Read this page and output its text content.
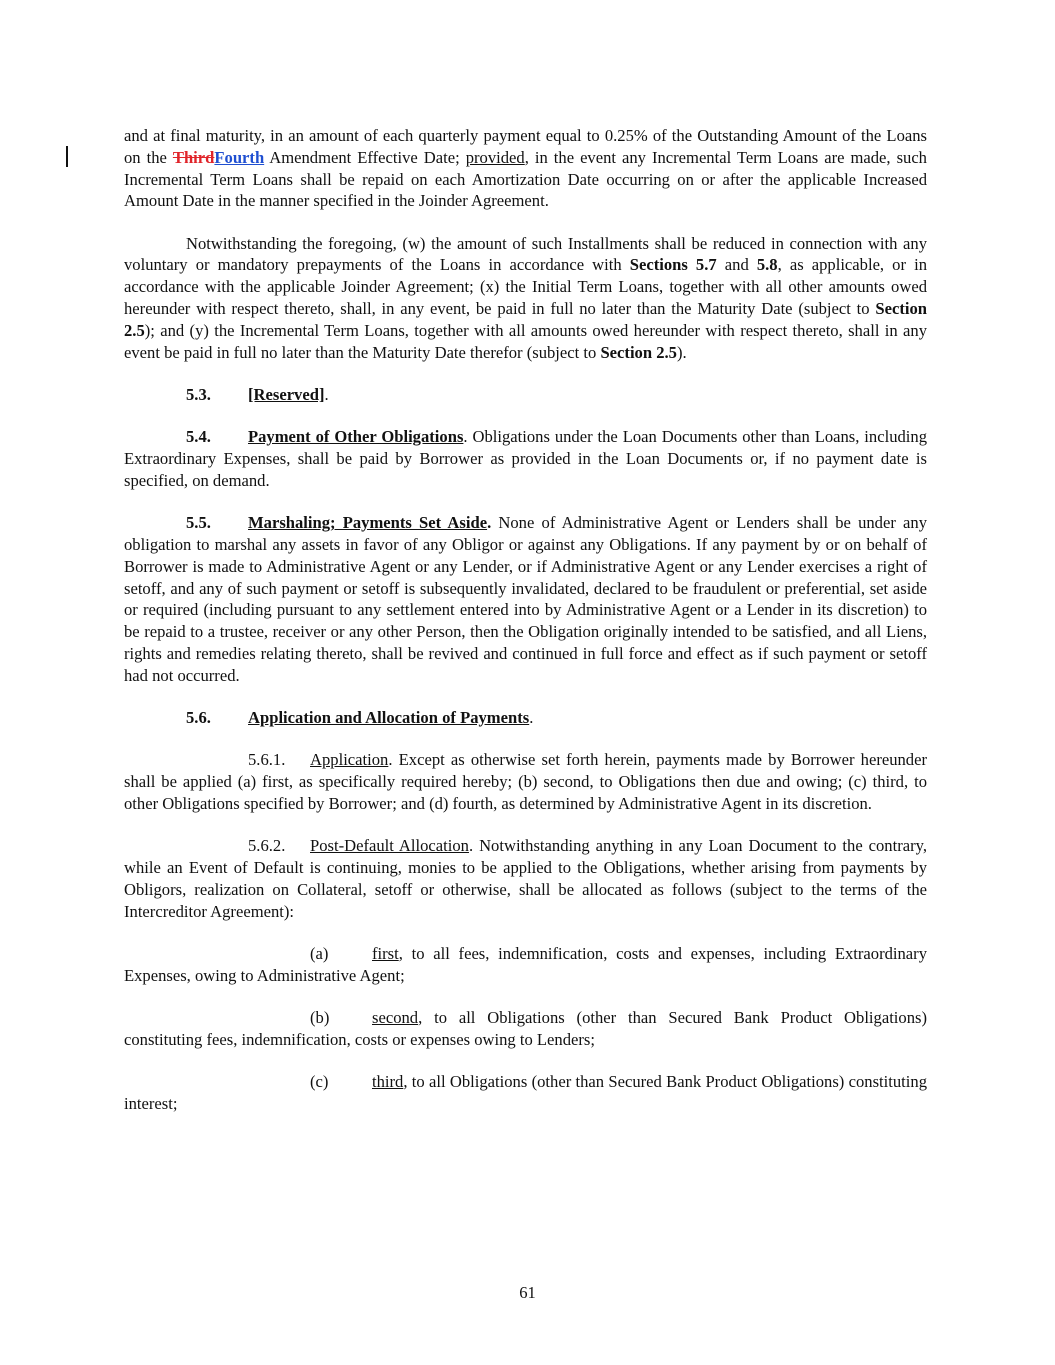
and at final maturity, in an amount of each quarterly payment equal to 0.25% of the Outstanding Amount of the Loans on the ThirdFourth Amendment Effective Date; provided, in the event any Incremental Term Loans are made, such Incremental Term Loans shall be repaid on each Amortization Date occurring on or after the applicable Increased Amount Date in the manner specified in the Joinder Agreement.

Notwithstanding the foregoing, (w) the amount of such Installments shall be reduced in connection with any voluntary or mandatory prepayments of the Loans in accordance with Sections 5.7 and 5.8, as applicable, or in accordance with the applicable Joinder Agreement; (x) the Initial Term Loans, together with all other amounts owed hereunder with respect thereto, shall, in any event, be paid in full no later than the Maturity Date (subject to Section 2.5); and (y) the Incremental Term Loans, together with all amounts owed hereunder with respect thereto, shall in any event be paid in full no later than the Maturity Date therefor (subject to Section 2.5).

5.3. [Reserved].

5.4. Payment of Other Obligations. Obligations under the Loan Documents other than Loans, including Extraordinary Expenses, shall be paid by Borrower as provided in the Loan Documents or, if no payment date is specified, on demand.

5.5. Marshaling; Payments Set Aside. None of Administrative Agent or Lenders shall be under any obligation to marshal any assets in favor of any Obligor or against any Obligations. If any payment by or on behalf of Borrower is made to Administrative Agent or any Lender, or if Administrative Agent or any Lender exercises a right of setoff, and any of such payment or setoff is subsequently invalidated, declared to be fraudulent or preferential, set aside or required (including pursuant to any settlement entered into by Administrative Agent or a Lender in its discretion) to be repaid to a trustee, receiver or any other Person, then the Obligation originally intended to be satisfied, and all Liens, rights and remedies relating thereto, shall be revived and continued in full force and effect as if such payment or setoff had not occurred.

5.6. Application and Allocation of Payments.

5.6.1. Application. Except as otherwise set forth herein, payments made by Borrower hereunder shall be applied (a) first, as specifically required hereby; (b) second, to Obligations then due and owing; (c) third, to other Obligations specified by Borrower; and (d) fourth, as determined by Administrative Agent in its discretion.

5.6.2. Post-Default Allocation. Notwithstanding anything in any Loan Document to the contrary, while an Event of Default is continuing, monies to be applied to the Obligations, whether arising from payments by Obligors, realization on Collateral, setoff or otherwise, shall be allocated as follows (subject to the terms of the Intercreditor Agreement):

(a)	first, to all fees, indemnification, costs and expenses, including Extraordinary Expenses, owing to Administrative Agent;

(b)	second, to all Obligations (other than Secured Bank Product Obligations) constituting fees, indemnification, costs or expenses owing to Lenders;

(c)	third, to all Obligations (other than Secured Bank Product Obligations) constituting interest;

61
